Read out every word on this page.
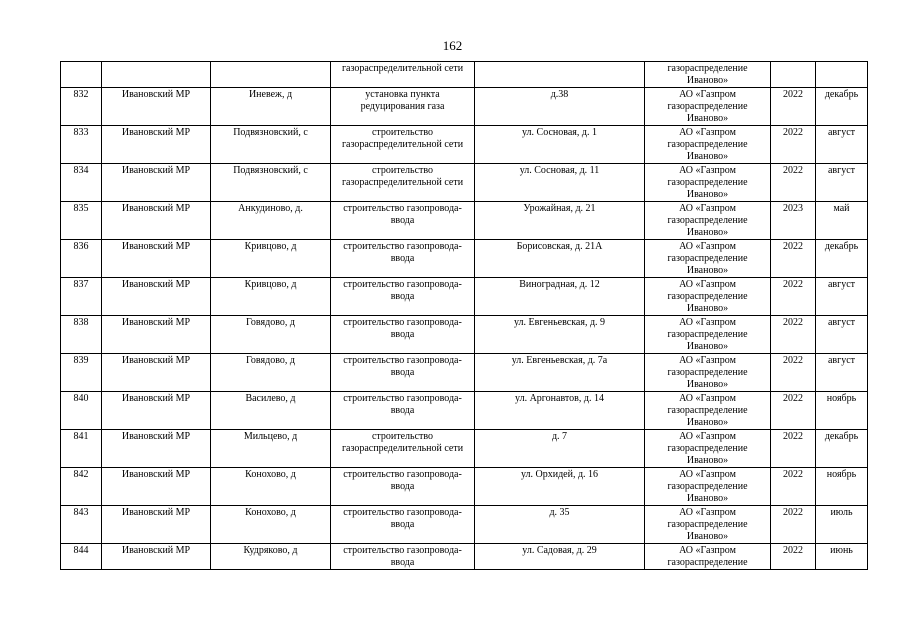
162
			газораспределительной сети		газораспределение Иваново»		
832	Ивановский МР	Иневеж, д	установка пункта редуцирования газа	д.38	АО «Газпром газораспределение Иваново»	2022	декабрь
833	Ивановский МР	Подвязновский, с	строительство газораспределительной сети	ул. Сосновая, д. 1	АО «Газпром газораспределение Иваново»	2022	август
834	Ивановский МР	Подвязновский, с	строительство газораспределительной сети	ул. Сосновая, д. 11	АО «Газпром газораспределение Иваново»	2022	август
835	Ивановский МР	Анкудиново, д.	строительство газопровода-ввода	Урожайная, д. 21	АО «Газпром газораспределение Иваново»	2023	май
836	Ивановский МР	Кривцово, д	строительство газопровода-ввода	Борисовская, д. 21А	АО «Газпром газораспределение Иваново»	2022	декабрь
837	Ивановский МР	Кривцово, д	строительство газопровода-ввода	Виноградная, д. 12	АО «Газпром газораспределение Иваново»	2022	август
838	Ивановский МР	Говядово, д	строительство газопровода-ввода	ул. Евгеньевская, д. 9	АО «Газпром газораспределение Иваново»	2022	август
839	Ивановский МР	Говядово, д	строительство газопровода-ввода	ул. Евгеньевская, д. 7а	АО «Газпром газораспределение Иваново»	2022	август
840	Ивановский МР	Василево, д	строительство газопровода-ввода	ул. Аргонавтов, д. 14	АО «Газпром газораспределение Иваново»	2022	ноябрь
841	Ивановский МР	Мильцево, д	строительство газораспределительной сети	д. 7	АО «Газпром газораспределение Иваново»	2022	декабрь
842	Ивановский МР	Конохово, д	строительство газопровода-ввода	ул. Орхидей, д. 16	АО «Газпром газораспределение Иваново»	2022	ноябрь
843	Ивановский МР	Конохово, д	строительство газопровода-ввода	д. 35	АО «Газпром газораспределение Иваново»	2022	июль
844	Ивановский МР	Кудряково, д	строительство газопровода-ввода	ул. Садовая, д. 29	АО «Газпром газораспределение	2022	июнь
